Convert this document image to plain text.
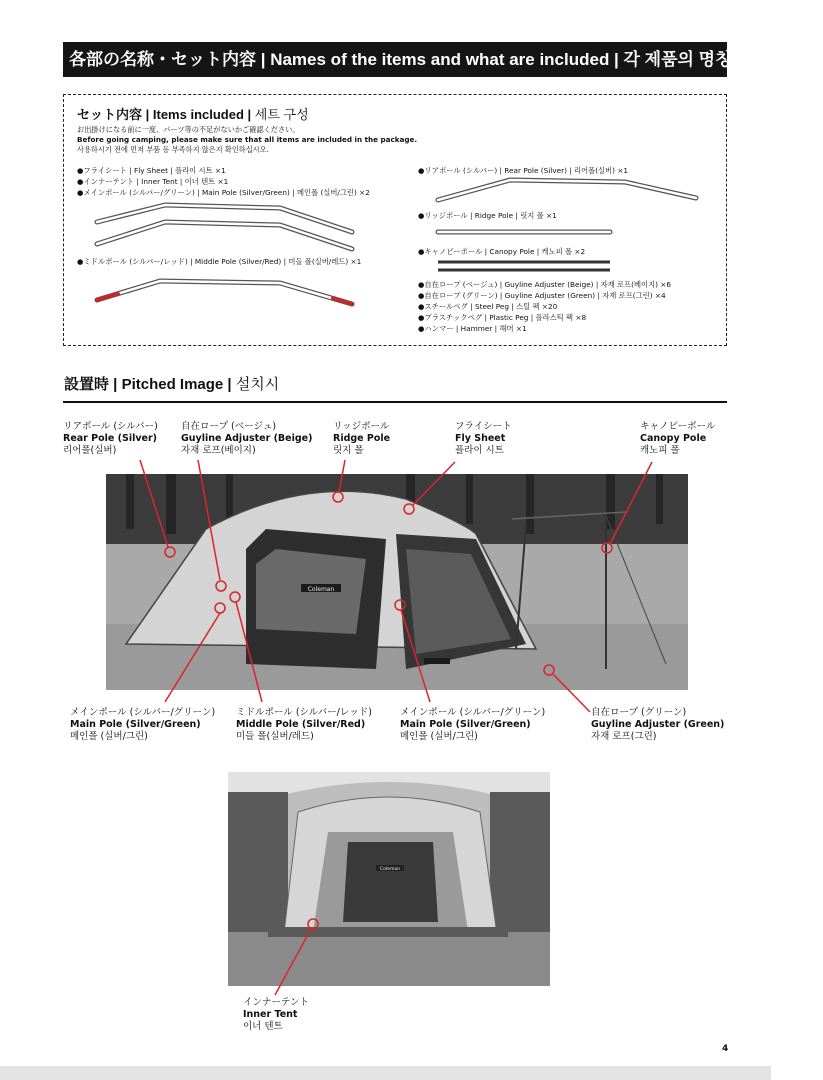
各部の名称・セット内容 | Names of the items and what are included | 각 제품의 명칭과 세트 구성
セット内容 | Items included | 세트 구성
お出掛けになる前に一度、パーツ等の不足がないかご確認ください。
Before going camping, please make sure that all items are included in the package.
사용하시기 전에 먼저 부품 등 부족하지 않은지 확인하십시오.
●フライシート | Fly Sheet | 플라이 시트 ×1
●インナーテント | Inner Tent | 이너 텐트 ×1
●メインポール (シルバー/グリーン) | Main Pole (Silver/Green) | 메인폴 (실버/그린) ×2
●ミドルポール (シルバー/レッド) | Middle Pole (Silver/Red) | 미들 폴(실버/레드) ×1
●リアポール (シルバー) | Rear Pole (Silver) | 리어폴(실버) ×1
●リッジポール | Ridge Pole | 릿지 폴 ×1
●キャノピーポール | Canopy Pole | 캐노피 폴 ×2
●自在ロープ (ベージュ) | Guyline Adjuster (Beige) | 자재 로프(베이지) ×6
●自在ロープ (グリーン) | Guyline Adjuster (Green) | 자재 로프(그린) ×4
●スチールペグ | Steel Peg | 스틸 펙 ×20
●プラスチックペグ | Plastic Peg | 플라스틱 펙 ×8
●ハンマー | Hammer | 해머 ×1
設置時 | Pitched Image | 설치시
リアポール (シルバー)
Rear Pole (Silver)
리어폴(실버)
自在ロープ (ベージュ)
Guyline Adjuster (Beige)
자재 로프(베이지)
リッジポール
Ridge Pole
릿지 폴
フライシート
Fly Sheet
플라이 시트
キャノピーポール
Canopy Pole
캐노피 폴
Coleman
メインポール (シルバー/グリーン)
Main Pole (Silver/Green)
메인폴 (실버/그린)
ミドルポール (シルバー/レッド)
Middle Pole (Silver/Red)
미들 폴(실버/레드)
メインポール (シルバー/グリーン)
Main Pole (Silver/Green)
메인폴 (실버/그린)
自在ロープ (グリーン)
Guyline Adjuster (Green)
자재 로프(그린)
Coleman
インナーテント
Inner Tent
이너 텐트
4
